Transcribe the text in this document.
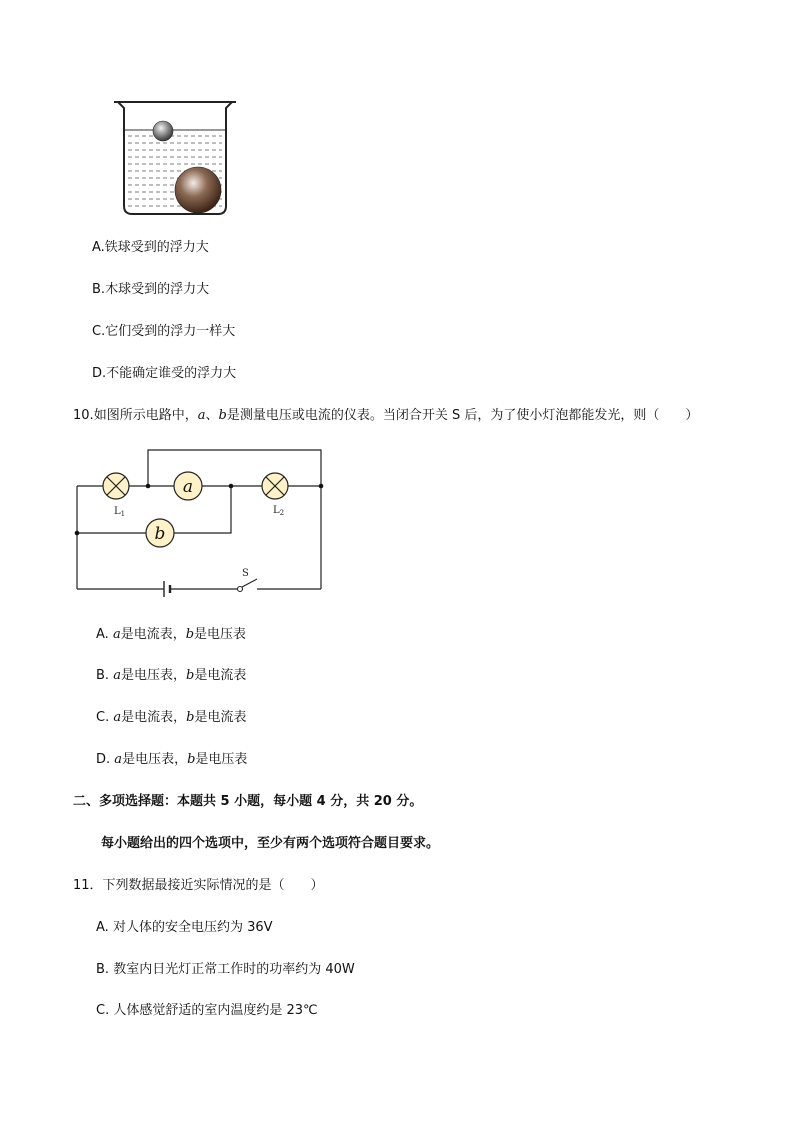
A.铁球受到的浮力大
B.木球受到的浮力大
C.它们受到的浮力一样大
D.不能确定谁受的浮力大
10.如图所示电路中，a、b是测量电压或电流的仪表。当闭合开关 S 后，为了使小灯泡都能发光，则（　　）
S
$L_1$	$L_2$
a
b
A. a是电流表，b是电压表
B. a是电压表，b是电流表
C. a是电流表，b是电流表
D. a是电压表，b是电压表
二、多项选择题：本题共 5 小题，每小题 4 分，共 20 分。
每小题给出的四个选项中，至少有两个选项符合题目要求。
11．下列数据最接近实际情况的是（　　）
A. 对人体的安全电压约为 36V
B. 教室内日光灯正常工作时的功率约为 40W
C. 人体感觉舒适的室内温度约是 23℃
